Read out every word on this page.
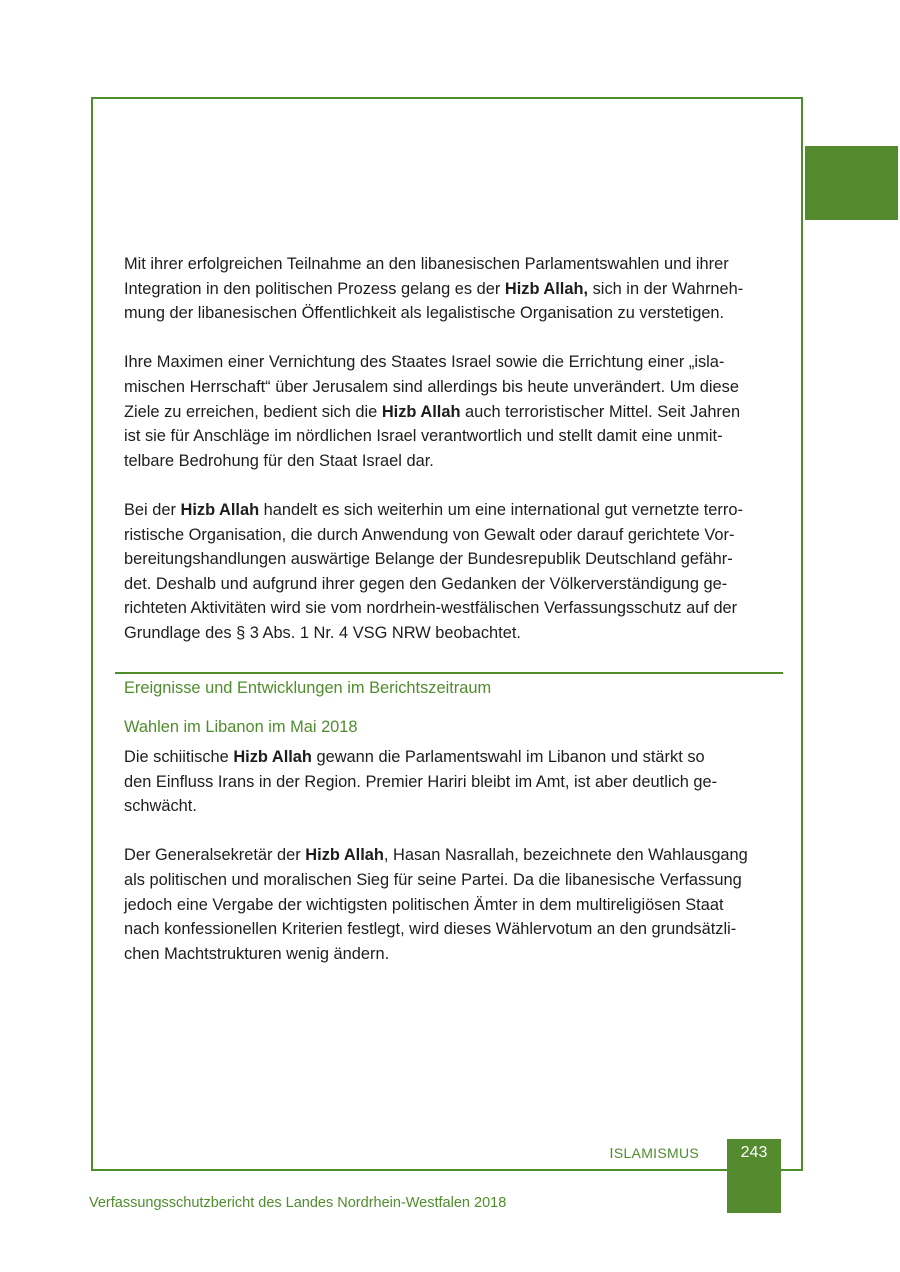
Mit ihrer erfolgreichen Teilnahme an den libanesischen Parlamentswahlen und ihrer
Integration in den politischen Prozess gelang es der Hizb Allah, sich in der Wahrneh-
mung der libanesischen Öffentlichkeit als legalistische Organisation zu verstetigen.

Ihre Maximen einer Vernichtung des Staates Israel sowie die Errichtung einer „isla-
mischen Herrschaft“ über Jerusalem sind allerdings bis heute unverändert. Um diese
Ziele zu erreichen, bedient sich die Hizb Allah auch terroristischer Mittel. Seit Jahren
ist sie für Anschläge im nördlichen Israel verantwortlich und stellt damit eine unmit-
telbare Bedrohung für den Staat Israel dar.

Bei der Hizb Allah handelt es sich weiterhin um eine international gut vernetzte terro-
ristische Organisation, die durch Anwendung von Gewalt oder darauf gerichtete Vor-
bereitungshandlungen auswärtige Belange der Bundesrepublik Deutschland gefähr-
det. Deshalb und aufgrund ihrer gegen den Gedanken der Völkerverständigung ge-
richteten Aktivitäten wird sie vom nordrhein-westfälischen Verfassungsschutz auf der
Grundlage des § 3 Abs. 1 Nr. 4 VSG NRW beobachtet.

Ereignisse und Entwicklungen im Berichtszeitraum
Wahlen im Libanon im Mai 2018

Die schiitische Hizb Allah gewann die Parlamentswahl im Libanon und stärkt so
den Einfluss Irans in der Region. Premier Hariri bleibt im Amt, ist aber deutlich ge-
schwächt.

Der Generalsekretär der Hizb Allah, Hasan Nasrallah, bezeichnete den Wahlausgang
als politischen und moralischen Sieg für seine Partei. Da die libanesische Verfassung
jedoch eine Vergabe der wichtigsten politischen Ämter in dem multireligiösen Staat
nach konfessionellen Kriterien festlegt, wird dieses Wählervotum an den grundsätzli-
chen Machtstrukturen wenig ändern.

ISLAMISMUS	243
Verfassungsschutzbericht des Landes Nordrhein-Westfalen 2018
